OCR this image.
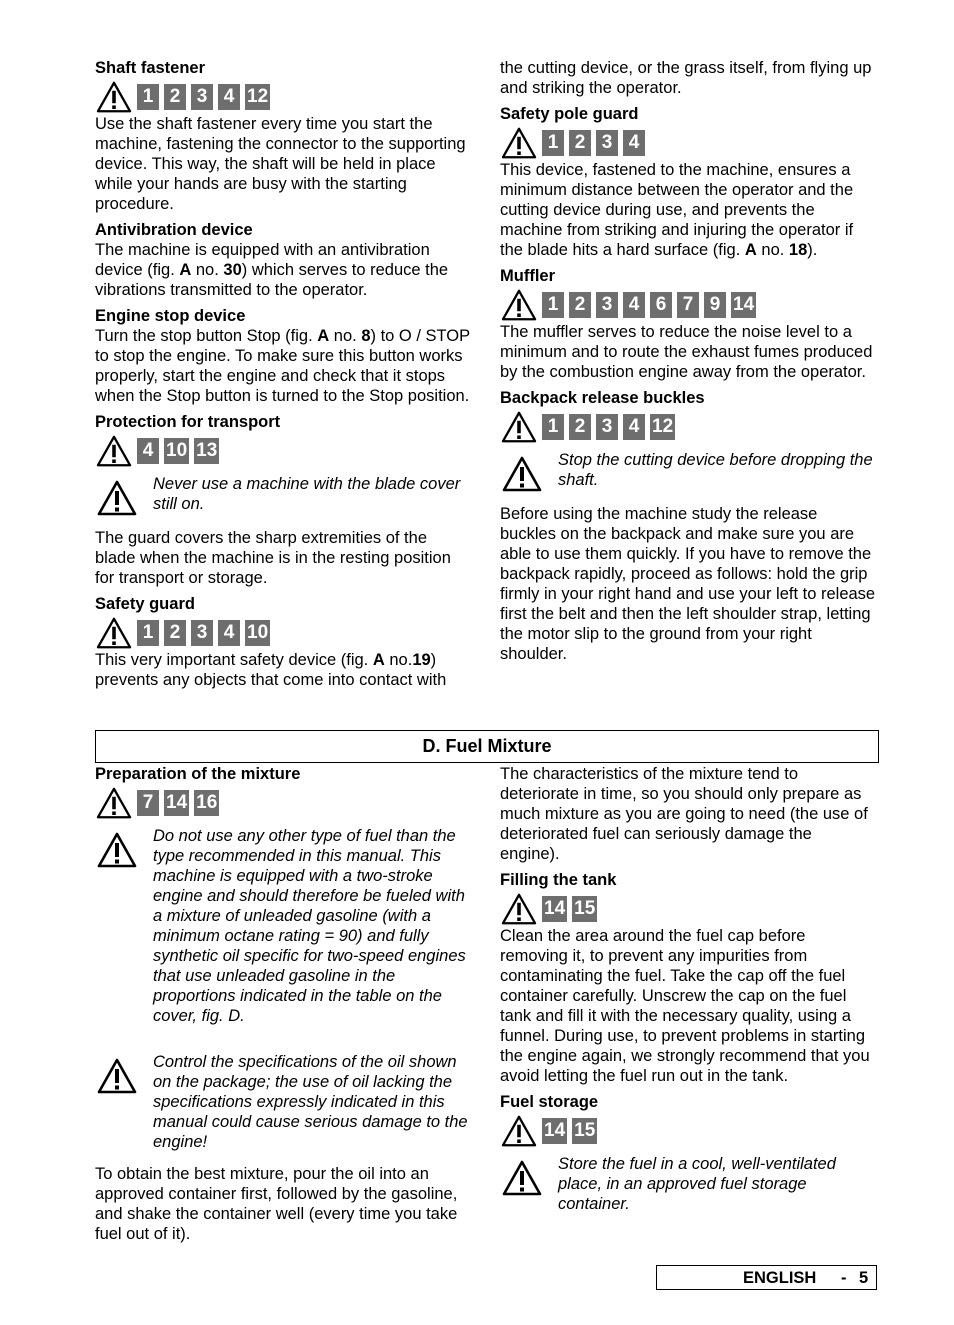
Shaft fastener

1 2 3 4 12

Use the shaft fastener every time you start the machine, fastening the connector to the supporting device. This way, the shaft will be held in place while your hands are busy with the starting procedure.

Antivibration device

The machine is equipped with an antivibration device (fig. A no. 30) which serves to reduce the vibrations transmitted to the operator.

Engine stop device

Turn the stop button Stop (fig. A no. 8) to O / STOP to stop the engine. To make sure this button works properly, start the engine and check that it stops when the Stop button is turned to the Stop position.

Protection for transport

4 10 13

Never use a machine with the blade cover still on.

The guard covers the sharp extremities of the blade when the machine is in the resting position for transport or storage.

Safety guard

1 2 3 4 10

This very important safety device (fig. A no.19) prevents any objects that come into contact with

the cutting device, or the grass itself, from flying up and striking the operator.

Safety pole guard

1 2 3 4

This device, fastened to the machine, ensures a minimum distance between the operator and the cutting device during use, and prevents the machine from striking and injuring the operator if the blade hits a hard surface (fig. A no. 18).

Muffler

1 2 3 4 6 7 9 14

The muffler serves to reduce the noise level to a minimum and to route the exhaust fumes produced by the combustion engine away from the operator.

Backpack release buckles

1 2 3 4 12

Stop the cutting device before dropping the shaft.

Before using the machine study the release buckles on the backpack and make sure you are able to use them quickly. If you have to remove the backpack rapidly, proceed as follows: hold the grip firmly in your right hand and use your left to release first the belt and then the left shoulder strap, letting the motor slip to the ground from your right shoulder.

D. Fuel Mixture

Preparation of the mixture

7 14 16

Do not use any other type of fuel than the type recommended in this manual. This machine is equipped with a two-stroke engine and should therefore be fueled with a mixture of unleaded gasoline (with a minimum octane rating = 90) and fully synthetic oil specific for two-speed engines that use unleaded gasoline in the proportions indicated in the table on the cover, fig. D.

Control the specifications of the oil shown on the package; the use of oil lacking the specifications expressly indicated in this manual could cause serious damage to the engine!

To obtain the best mixture, pour the oil into an approved container first, followed by the gasoline, and shake the container well (every time you take fuel out of it).

The characteristics of the mixture tend to deteriorate in time, so you should only prepare as much mixture as you are going to need (the use of deteriorated fuel can seriously damage the engine).

Filling the tank

14 15

Clean the area around the fuel cap before removing it, to prevent any impurities from contaminating the fuel. Take the cap off the fuel container carefully. Unscrew the cap on the fuel tank and fill it with the necessary quality, using a funnel. During use, to prevent problems in starting the engine again, we strongly recommend that you avoid letting the fuel run out in the tank.

Fuel storage

14 15

Store the fuel in a cool, well-ventilated place, in an approved fuel storage container.

ENGLISH - 5
